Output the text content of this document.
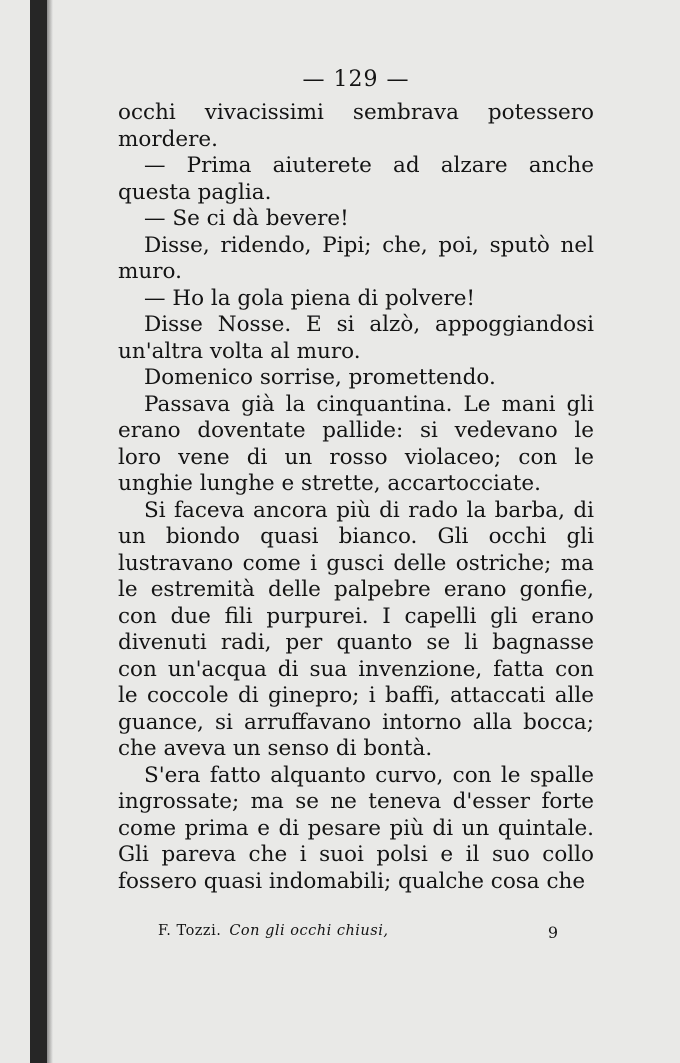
— 129 —

occhi vivacissimi sembrava potessero mordere.

— Prima aiuterete ad alzare anche questa paglia.

— Se ci dà bevere!

Disse, ridendo, Pipi; che, poi, sputò nel muro.

— Ho la gola piena di polvere!

Disse Nosse. E si alzò, appoggiandosi un'altra volta al muro.

Domenico sorrise, promettendo.

Passava già la cinquantina. Le mani gli erano doventate pallide: si vedevano le loro vene di un rosso violaceo; con le unghie lunghe e strette, accartocciate.

Si faceva ancora più di rado la barba, di un biondo quasi bianco. Gli occhi gli lustravano come i gusci delle ostriche; ma le estremità delle palpebre erano gonfie, con due fili purpurei. I capelli gli erano divenuti radi, per quanto se li bagnasse con un'acqua di sua invenzione, fatta con le coccole di ginepro; i baffi, attaccati alle guance, si arruffavano intorno alla bocca; che aveva un senso di bontà.

S'era fatto alquanto curvo, con le spalle ingrossate; ma se ne teneva d'esser forte come prima e di pesare più di un quintale. Gli pareva che i suoi polsi e il suo collo fossero quasi indomabili; qualche cosa che

F. Tozzi. Con gli occhi chiusi,	9
